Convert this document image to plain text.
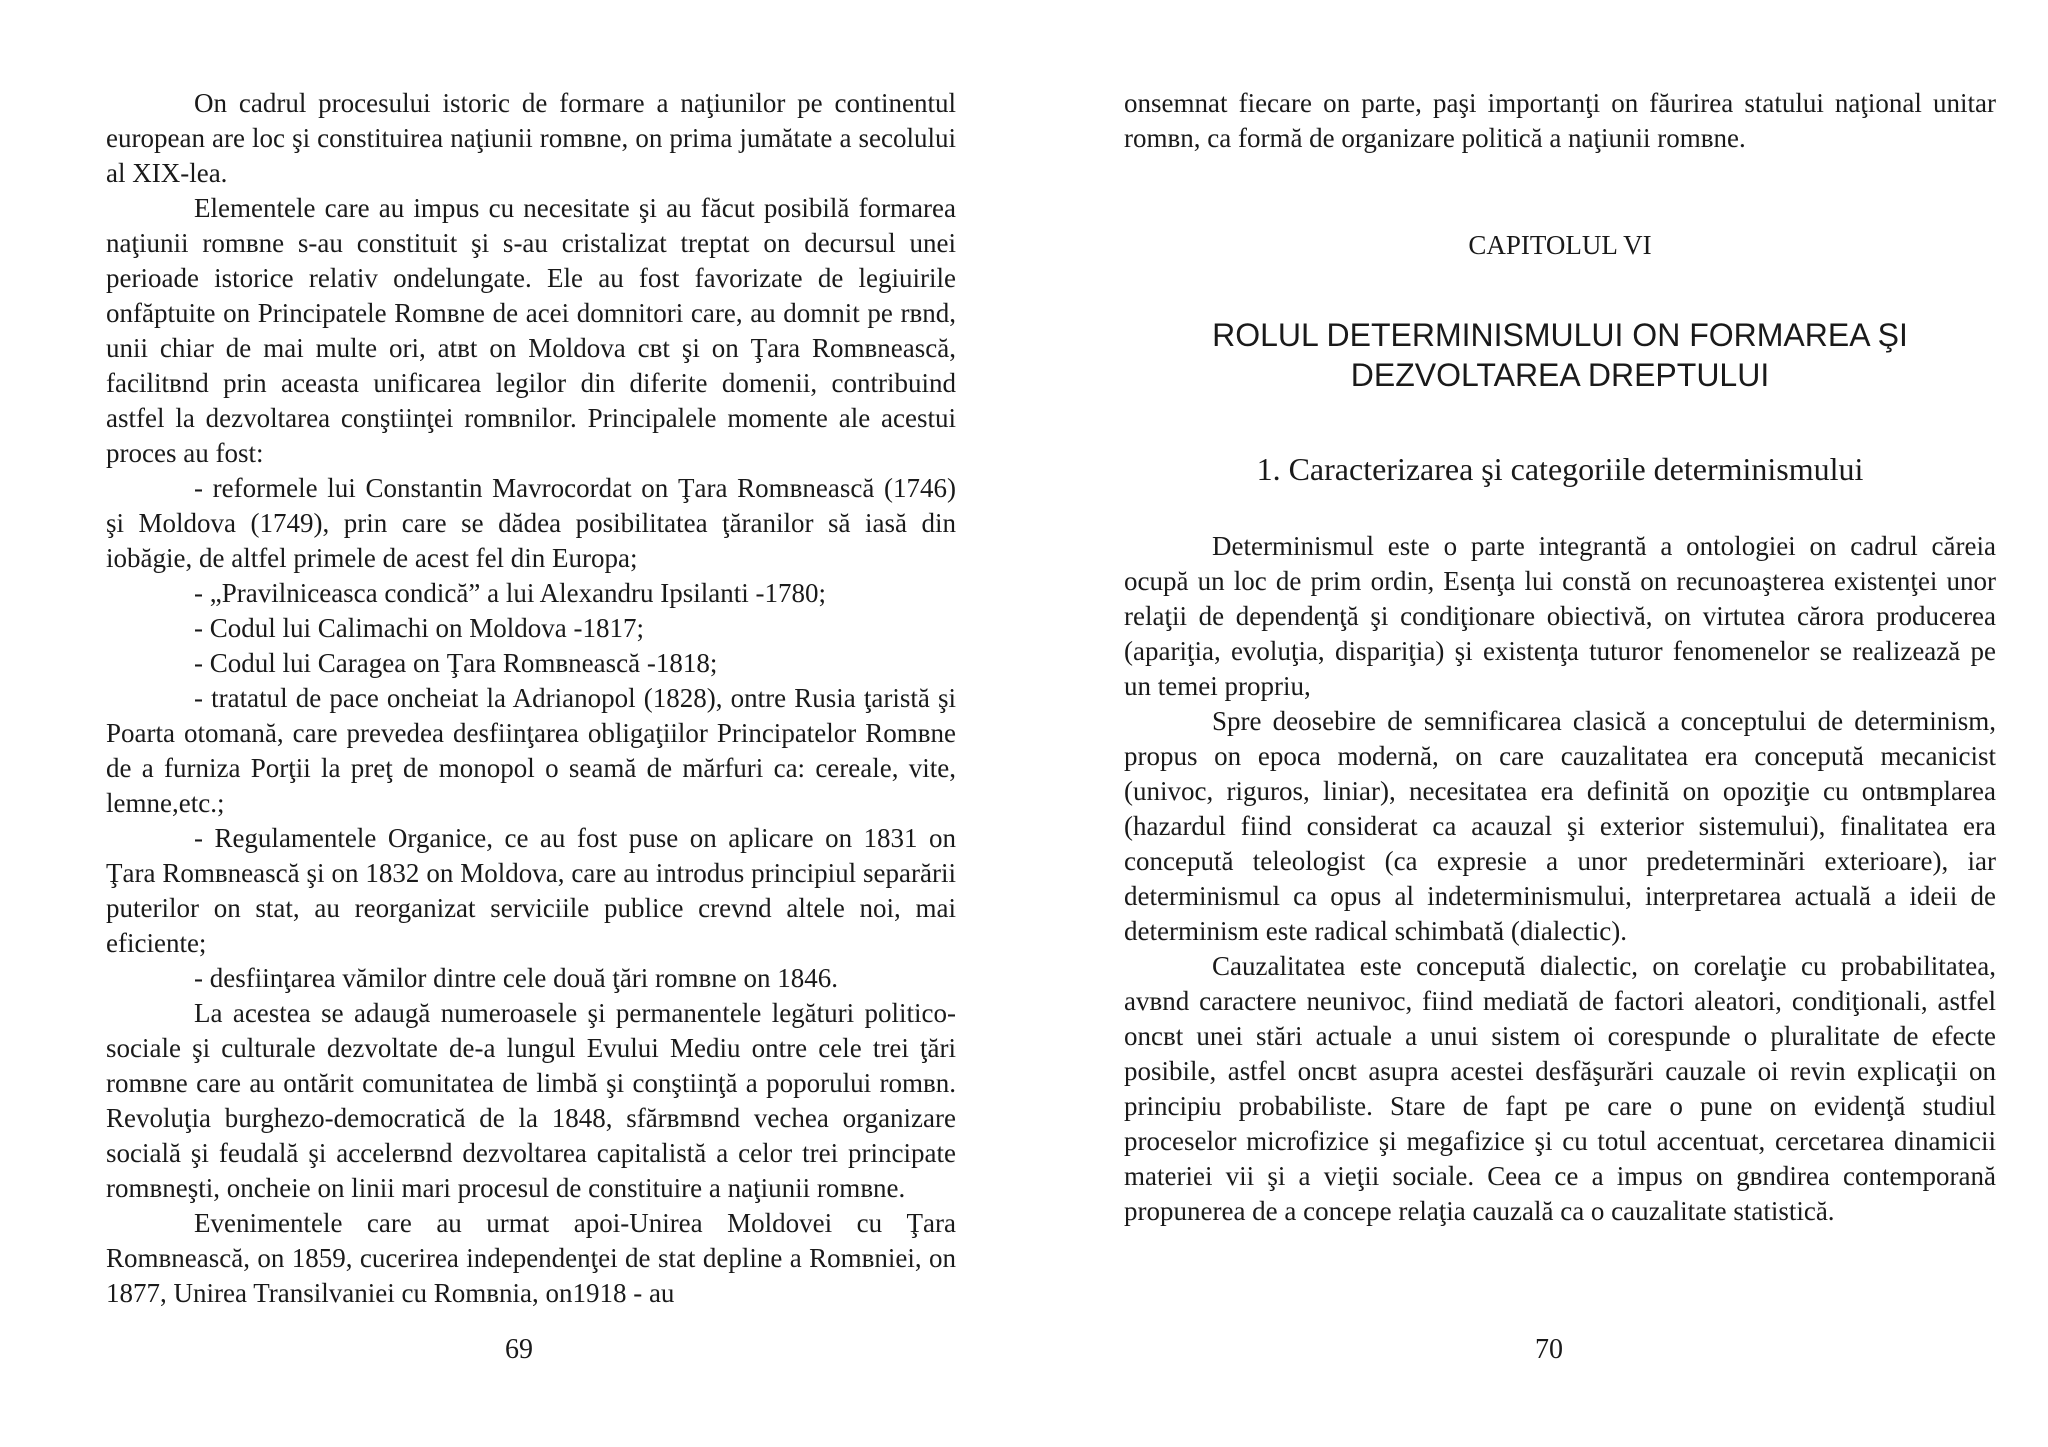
On cadrul procesului istoric de formare a naţiunilor pe continentul european are loc şi constituirea naţiunii romвne, on prima jumătate a secolului al XIX-lea.

Elementele care au impus cu necesitate şi au făcut posibilă formarea naţiunii romвne s-au constituit şi s-au cristalizat treptat on decursul unei perioade istorice relativ ondelungate. Ele au fost favorizate de legiuirile onfăptuite on Principatele Romвne de acei domnitori care, au domnit pe rвnd, unii chiar de mai multe ori, atвt on Moldova cвt şi on Ţara Romвnească, facilitвnd prin aceasta unificarea legilor din diferite domenii, contribuind astfel la dezvoltarea conştiinţei romвnilor. Principalele momente ale acestui proces au fost:

- reformele lui Constantin Mavrocordat on Ţara Romвnească (1746) şi Moldova (1749), prin care se dădea posibilitatea ţăranilor să iasă din iobăgie, de altfel primele de acest fel din Europa;

- „Pravilniceasca condică” a lui Alexandru Ipsilanti -1780;

- Codul lui Calimachi on Moldova -1817;

- Codul lui Caragea on Ţara Romвnească -1818;

- tratatul de pace oncheiat la Adrianopol (1828), ontre Rusia ţaristă şi Poarta otomană, care prevedea desfiinţarea obligaţiilor Principatelor Romвne de a furniza Porţii la preţ de monopol o seamă de mărfuri ca: cereale, vite, lemne,etc.;

- Regulamentele Organice, ce au fost puse on aplicare on 1831 on Ţara Romвnească şi on 1832 on Moldova, care au introdus principiul separării puterilor on stat, au reorganizat serviciile publice crevnd altele noi, mai eficiente;

- desfiinţarea vămilor dintre cele două ţări romвne on 1846.

La acestea se adaugă numeroasele şi permanentele legături politico-sociale şi culturale dezvoltate de-a lungul Evului Mediu ontre cele trei ţări romвne care au ontărit comunitatea de limbă şi conştiinţă a poporului romвn. Revoluţia burghezo-democratică de la 1848, sfărвmвnd vechea organizare socială şi feudală şi accelerвnd dezvoltarea capitalistă a celor trei principate romвneşti, oncheie on linii mari procesul de constituire a naţiunii romвne.

Evenimentele care au urmat apoi-Unirea Moldovei cu Ţara Romвnească, on 1859, cucerirea independenţei de stat depline a Romвniei, on 1877, Unirea Transilvaniei cu Romвnia, on1918 - au

69

onsemnat fiecare on parte, paşi importanţi on făurirea statului naţional unitar romвn, ca formă de organizare politică a naţiunii romвne.

CAPITOLUL VI

ROLUL DETERMINISMULUI ON FORMAREA ŞI
DEZVOLTAREA DREPTULUI

1. Caracterizarea şi categoriile determinismului

Determinismul este o parte integrantă a ontologiei on cadrul căreia ocupă un loc de prim ordin, Esenţa lui constă on recunoaşterea existenţei unor relaţii de dependenţă şi condiţionare obiectivă, on virtutea cărora producerea (apariţia, evoluţia, dispariţia) şi existenţa tuturor fenomenelor se realizează pe un temei propriu,

Spre deosebire de semnificarea clasică a conceptului de determinism, propus on epoca modernă, on care cauzalitatea era concepută mecanicist (univoc, riguros, liniar), necesitatea era definită on opoziţie cu ontвmplarea (hazardul fiind considerat ca acauzal şi exterior sistemului), finalitatea era concepută teleologist (ca expresie a unor predeterminări exterioare), iar determinismul ca opus al indeterminismului, interpretarea actuală a ideii de determinism este radical schimbată (dialectic).

Cauzalitatea este concepută dialectic, on corelaţie cu probabilitatea, avвnd caractere neunivoc, fiind mediată de factori aleatori, condiţionali, astfel oncвt unei stări actuale a unui sistem oi corespunde o pluralitate de efecte posibile, astfel oncвt asupra acestei desfăşurări cauzale oi revin explicaţii on principiu probabiliste. Stare de fapt pe care o pune on evidenţă studiul proceselor microfizice şi megafizice şi cu totul accentuat, cercetarea dinamicii materiei vii şi a vieţii sociale. Ceea ce a impus on gвndirea contemporană propunerea de a concepe relaţia cauzală ca o cauzalitate statistică.

70
